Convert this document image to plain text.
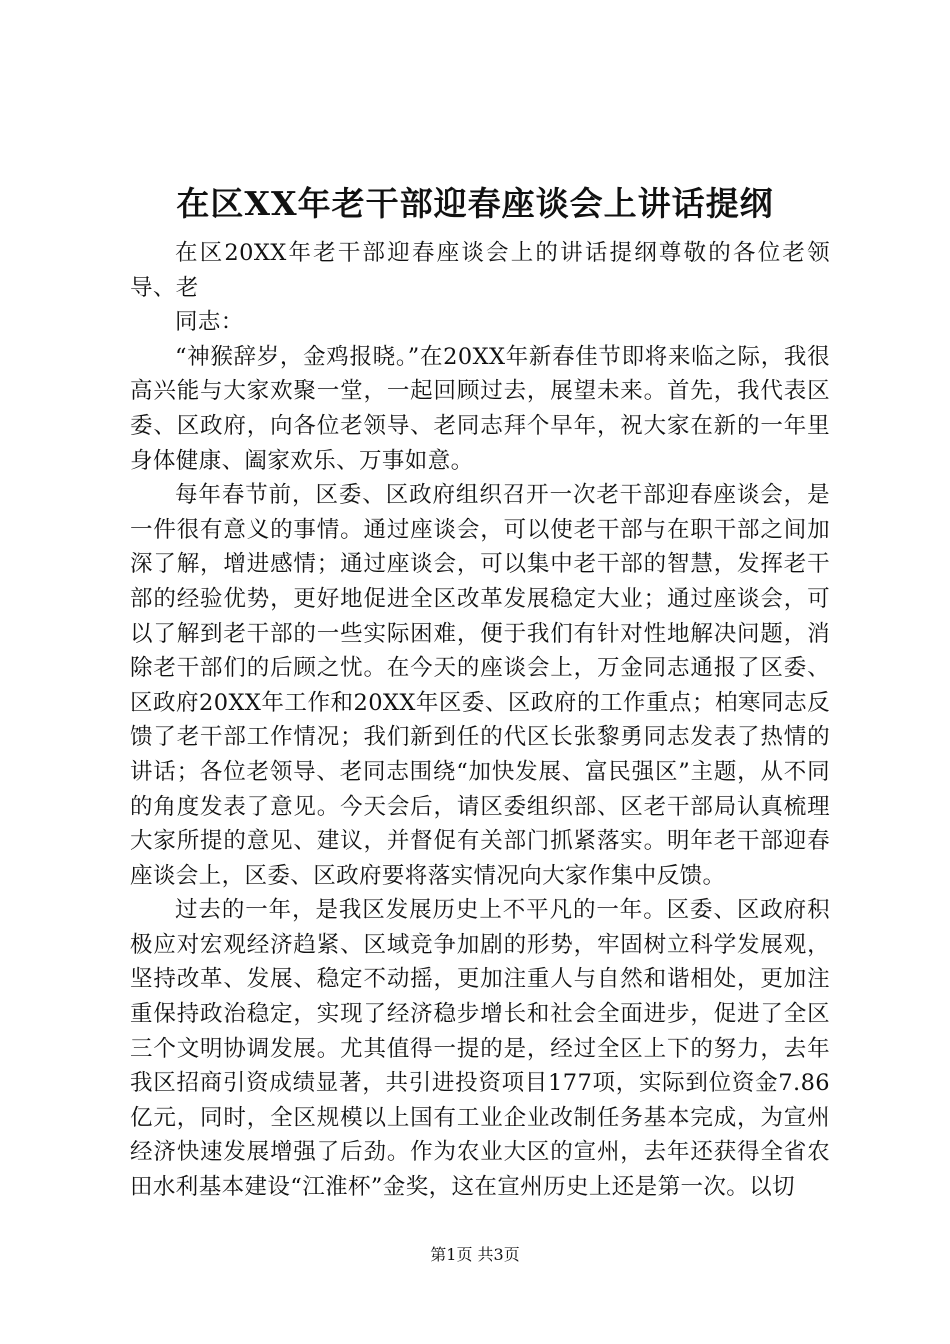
在区XX年老干部迎春座谈会上讲话提纲

在区20XX年老干部迎春座谈会上的讲话提纲尊敬的各位老领导、老

同志：

“神猴辞岁，金鸡报晓。”在20XX年新春佳节即将来临之际，我很高兴能与大家欢聚一堂，一起回顾过去，展望未来。首先，我代表区委、区政府，向各位老领导、老同志拜个早年，祝大家在新的一年里身体健康、阖家欢乐、万事如意。

每年春节前，区委、区政府组织召开一次老干部迎春座谈会，是一件很有意义的事情。通过座谈会，可以使老干部与在职干部之间加深了解，增进感情；通过座谈会，可以集中老干部的智慧，发挥老干部的经验优势，更好地促进全区改革发展稳定大业；通过座谈会，可以了解到老干部的一些实际困难，便于我们有针对性地解决问题，消除老干部们的后顾之忧。在今天的座谈会上，万金同志通报了区委、区政府20XX年工作和20XX年区委、区政府的工作重点；柏寒同志反馈了老干部工作情况；我们新到任的代区长张黎勇同志发表了热情的讲话；各位老领导、老同志围绕“加快发展、富民强区”主题，从不同的角度发表了意见。今天会后，请区委组织部、区老干部局认真梳理大家所提的意见、建议，并督促有关部门抓紧落实。明年老干部迎春座谈会上，区委、区政府要将落实情况向大家作集中反馈。

过去的一年，是我区发展历史上不平凡的一年。区委、区政府积极应对宏观经济趋紧、区域竞争加剧的形势，牢固树立科学发展观，坚持改革、发展、稳定不动摇，更加注重人与自然和谐相处，更加注重保持政治稳定，实现了经济稳步增长和社会全面进步，促进了全区三个文明协调发展。尤其值得一提的是，经过全区上下的努力，去年我区招商引资成绩显著，共引进投资项目177项，实际到位资金7.86亿元，同时，全区规模以上国有工业企业改制任务基本完成，为宣州经济快速发展增强了后劲。作为农业大区的宣州，去年还获得全省农田水利基本建设“江淮杯”金奖，这在宣州历史上还是第一次。以切

第1页 共3页
